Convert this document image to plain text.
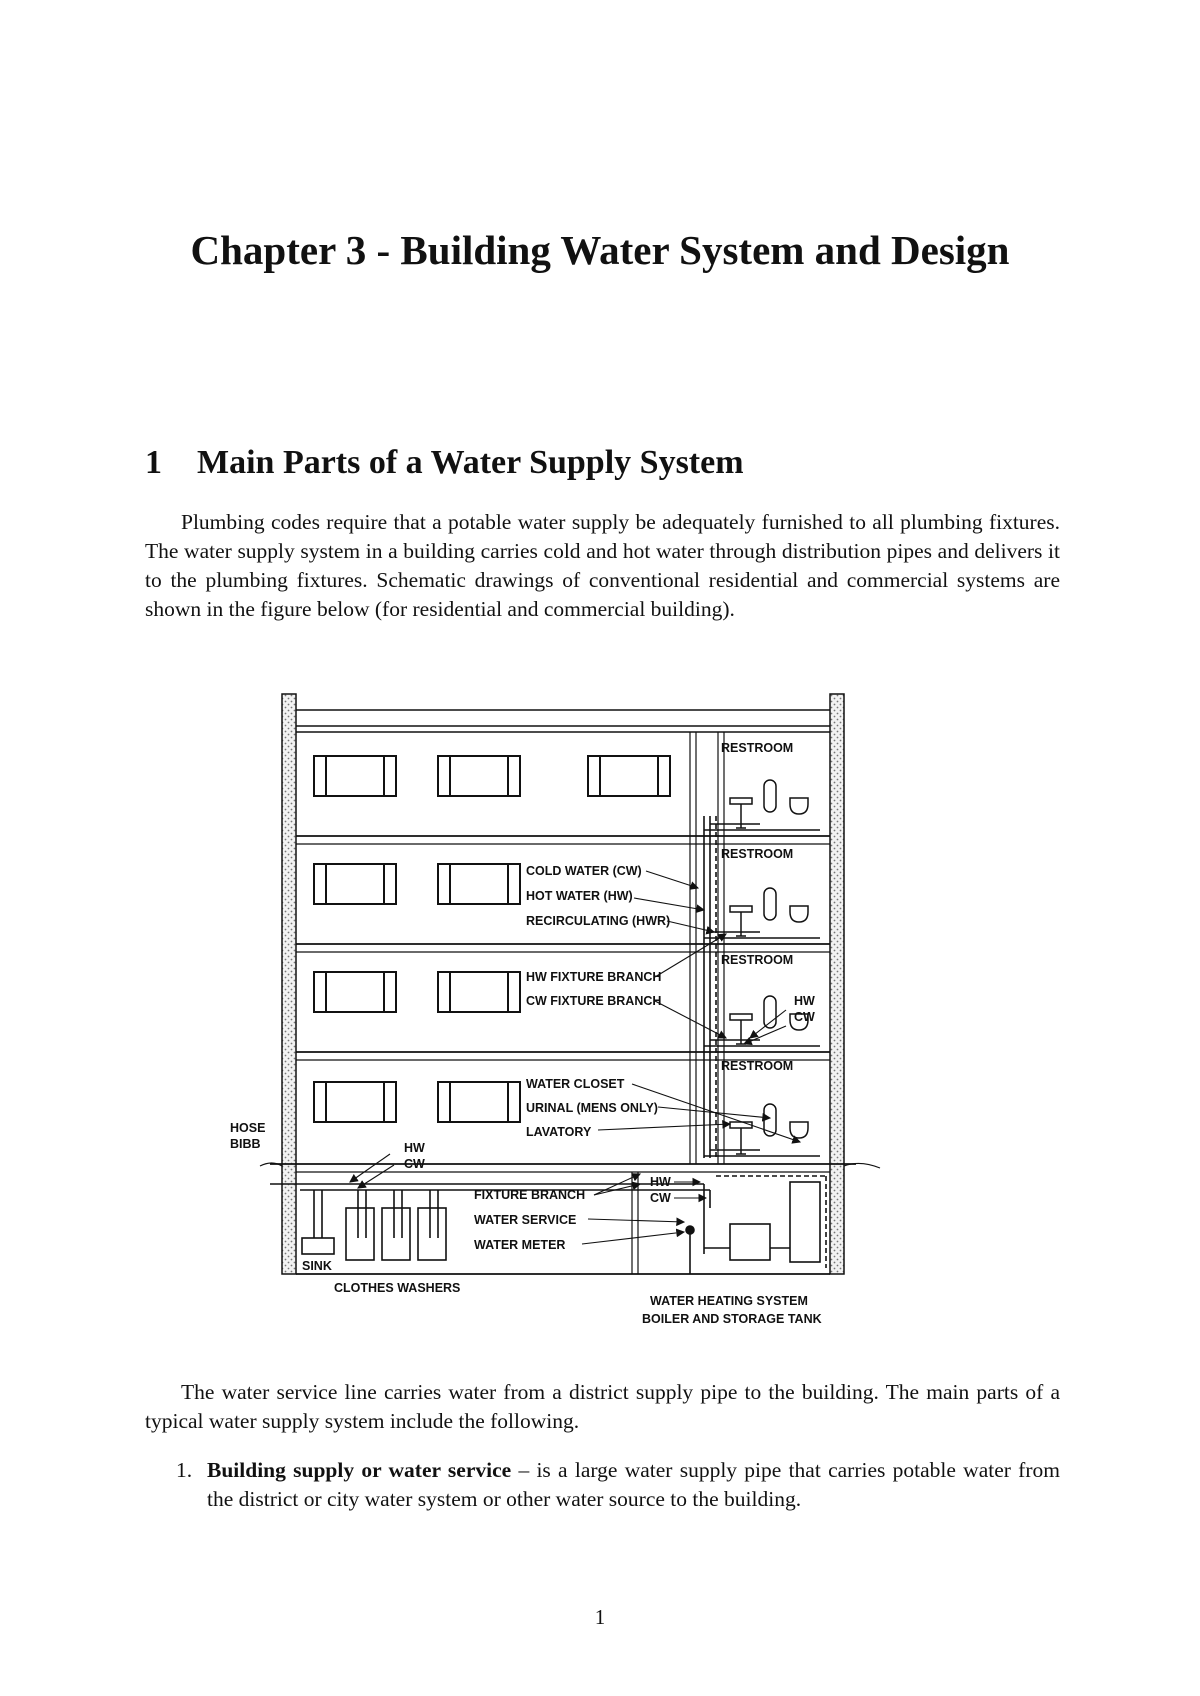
Chapter 3 - Building Water System and Design
1 Main Parts of a Water Supply System

Plumbing codes require that a potable water supply be adequately furnished to all plumbing fixtures. The water supply system in a building carries cold and hot water through distribution pipes and delivers it to the plumbing fixtures. Schematic drawings of conventional residential and commercial systems are shown in the figure below (for residential and commercial building).

RESTROOM
RESTROOM
RESTROOM
RESTROOM
COLD WATER (CW)
HOT WATER (HW)
RECIRCULATING (HWR)
HW FIXTURE BRANCH
CW FIXTURE BRANCH	HW
CW
WATER CLOSET
URINAL (MENS ONLY)
LAVATORY
HOSE
BIBB	HW
CW
FIXTURE BRANCH
WATER SERVICE
WATER METER
HW
CW
SINK
CLOTHES WASHERS
WATER HEATING SYSTEM
BOILER AND STORAGE TANK

The water service line carries water from a district supply pipe to the building. The main parts of a typical water supply system include the following.

1. Building supply or water service – is a large water supply pipe that carries potable water from the district or city water system or other water source to the building.

1
